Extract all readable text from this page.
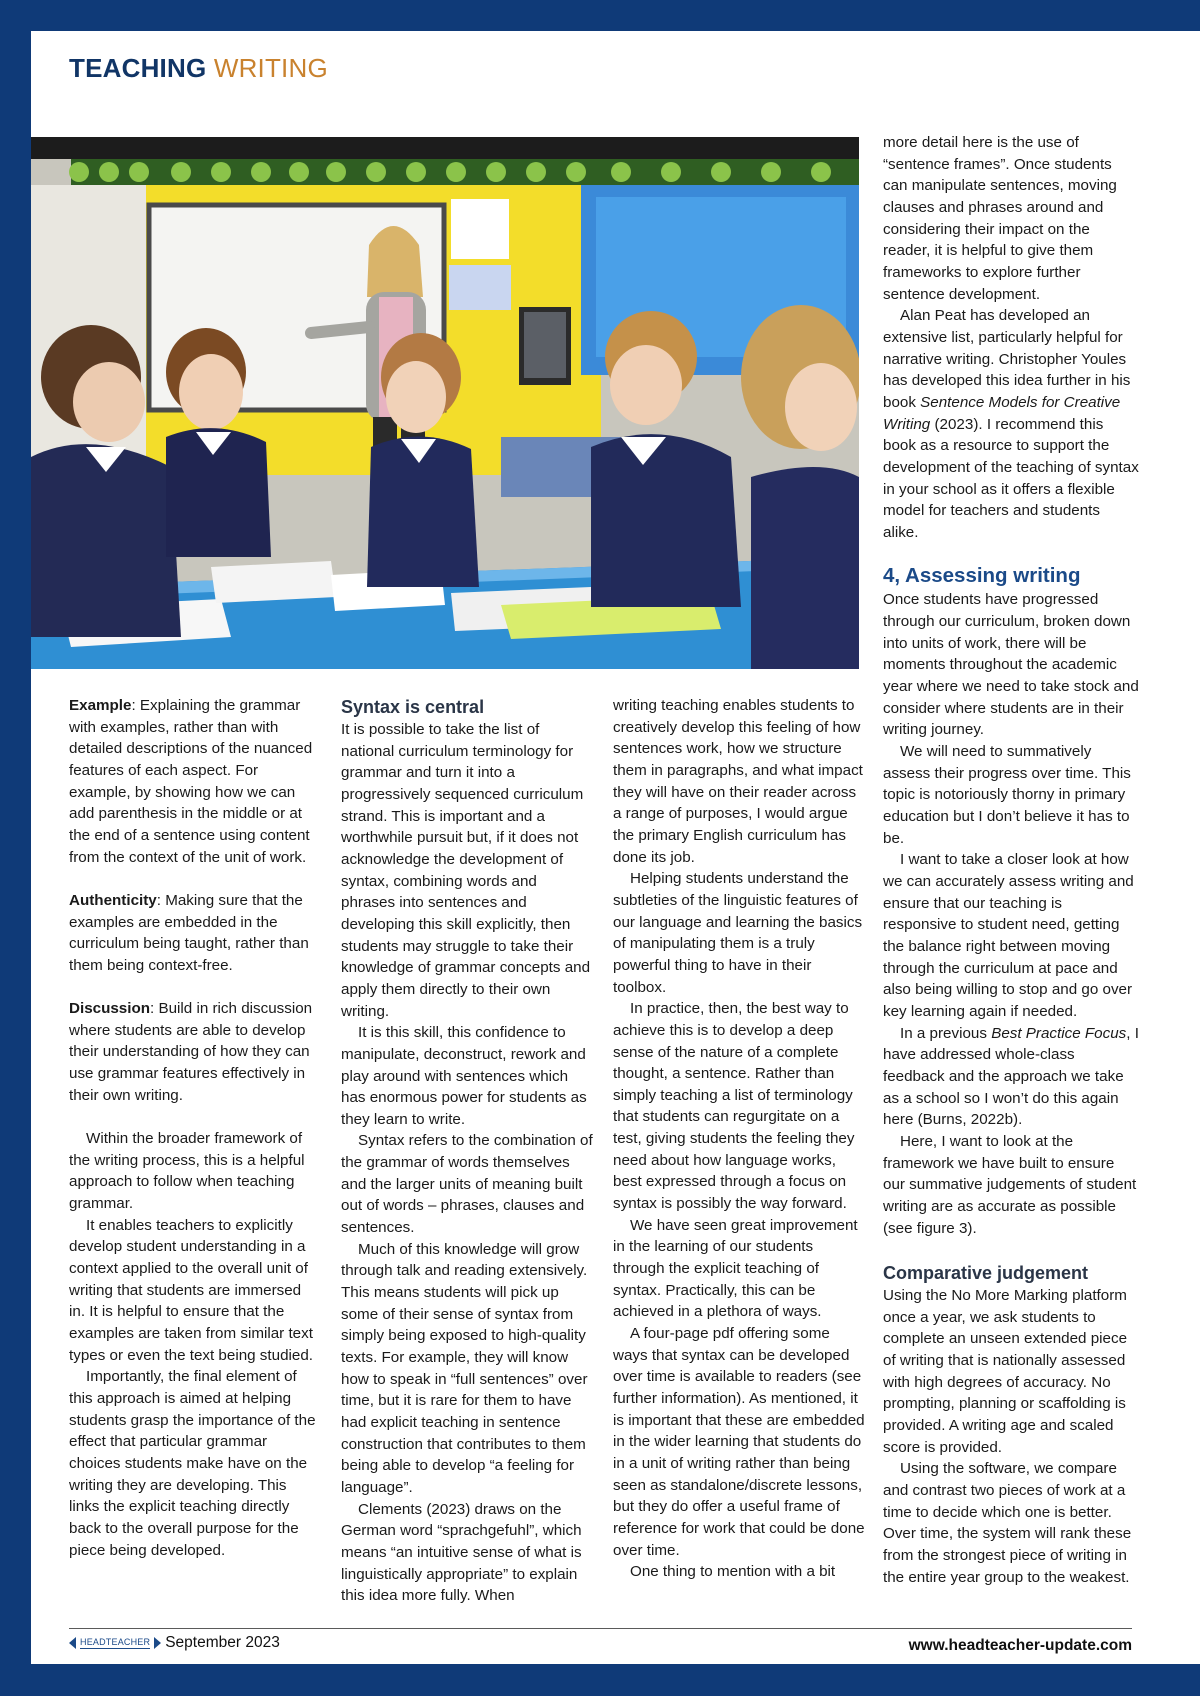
TEACHING WRITING

Example: Explaining the grammar with examples, rather than with detailed descriptions of the nuanced features of each aspect. For example, by showing how we can add parenthesis in the middle or at the end of a sentence using content from the context of the unit of work.

Authenticity: Making sure that the examples are embedded in the curriculum being taught, rather than them being context-free.

Discussion: Build in rich discussion where students are able to develop their understanding of how they can use grammar features effectively in their own writing.

Within the broader framework of the writing process, this is a helpful approach to follow when teaching grammar.

It enables teachers to explicitly develop student understanding in a context applied to the overall unit of writing that students are immersed in. It is helpful to ensure that the examples are taken from similar text types or even the text being studied.

Importantly, the final element of this approach is aimed at helping students grasp the importance of the effect that particular grammar choices students make have on the writing they are developing. This links the explicit teaching directly back to the overall purpose for the piece being developed.

Syntax is central

It is possible to take the list of national curriculum terminology for grammar and turn it into a progressively sequenced curriculum strand. This is important and a worthwhile pursuit but, if it does not acknowledge the development of syntax, combining words and phrases into sentences and developing this skill explicitly, then students may struggle to take their knowledge of grammar concepts and apply them directly to their own writing.

It is this skill, this confidence to manipulate, deconstruct, rework and play around with sentences which has enormous power for students as they learn to write.

Syntax refers to the combination of the grammar of words themselves and the larger units of meaning built out of words – phrases, clauses and sentences.

Much of this knowledge will grow through talk and reading extensively. This means students will pick up some of their sense of syntax from simply being exposed to high-quality texts. For example, they will know how to speak in “full sentences” over time, but it is rare for them to have had explicit teaching in sentence construction that contributes to them being able to develop “a feeling for language”.

Clements (2023) draws on the German word “sprachgefuhl”, which means “an intuitive sense of what is linguistically appropriate” to explain this idea more fully. When

writing teaching enables students to creatively develop this feeling of how sentences work, how we structure them in paragraphs, and what impact they will have on their reader across a range of purposes, I would argue the primary English curriculum has done its job.

Helping students understand the subtleties of the linguistic features of our language and learning the basics of manipulating them is a truly powerful thing to have in their toolbox.

In practice, then, the best way to achieve this is to develop a deep sense of the nature of a complete thought, a sentence. Rather than simply teaching a list of terminology that students can regurgitate on a test, giving students the feeling they need about how language works, best expressed through a focus on syntax is possibly the way forward.

We have seen great improvement in the learning of our students through the explicit teaching of syntax. Practically, this can be achieved in a plethora of ways.

A four-page pdf offering some ways that syntax can be developed over time is available to readers (see further information). As mentioned, it is important that these are embedded in the wider learning that students do in a unit of writing rather than being seen as standalone/discrete lessons, but they do offer a useful frame of reference for work that could be done over time.

One thing to mention with a bit

more detail here is the use of “sentence frames”. Once students can manipulate sentences, moving clauses and phrases around and considering their impact on the reader, it is helpful to give them frameworks to explore further sentence development.

Alan Peat has developed an extensive list, particularly helpful for narrative writing. Christopher Youles has developed this idea further in his book Sentence Models for Creative Writing (2023). I recommend this book as a resource to support the development of the teaching of syntax in your school as it offers a flexible model for teachers and students alike.

4, Assessing writing

Once students have progressed through our curriculum, broken down into units of work, there will be moments throughout the academic year where we need to take stock and consider where students are in their writing journey.

We will need to summatively assess their progress over time. This topic is notoriously thorny in primary education but I don’t believe it has to be.

I want to take a closer look at how we can accurately assess writing and ensure that our teaching is responsive to student need, getting the balance right between moving through the curriculum at pace and also being willing to stop and go over key learning again if needed.

In a previous Best Practice Focus, I have addressed whole-class feedback and the approach we take as a school so I won’t do this again here (Burns, 2022b).

Here, I want to look at the framework we have built to ensure our summative judgements of student writing are as accurate as possible (see figure 3).

Comparative judgement

Using the No More Marking platform once a year, we ask students to complete an unseen extended piece of writing that is nationally assessed with high degrees of accuracy. No prompting, planning or scaffolding is provided. A writing age and scaled score is provided.

Using the software, we compare and contrast two pieces of work at a time to decide which one is better. Over time, the system will rank these from the strongest piece of writing in the entire year group to the weakest.

HEADTEACHER September 2023	www.headteacher-update.com
